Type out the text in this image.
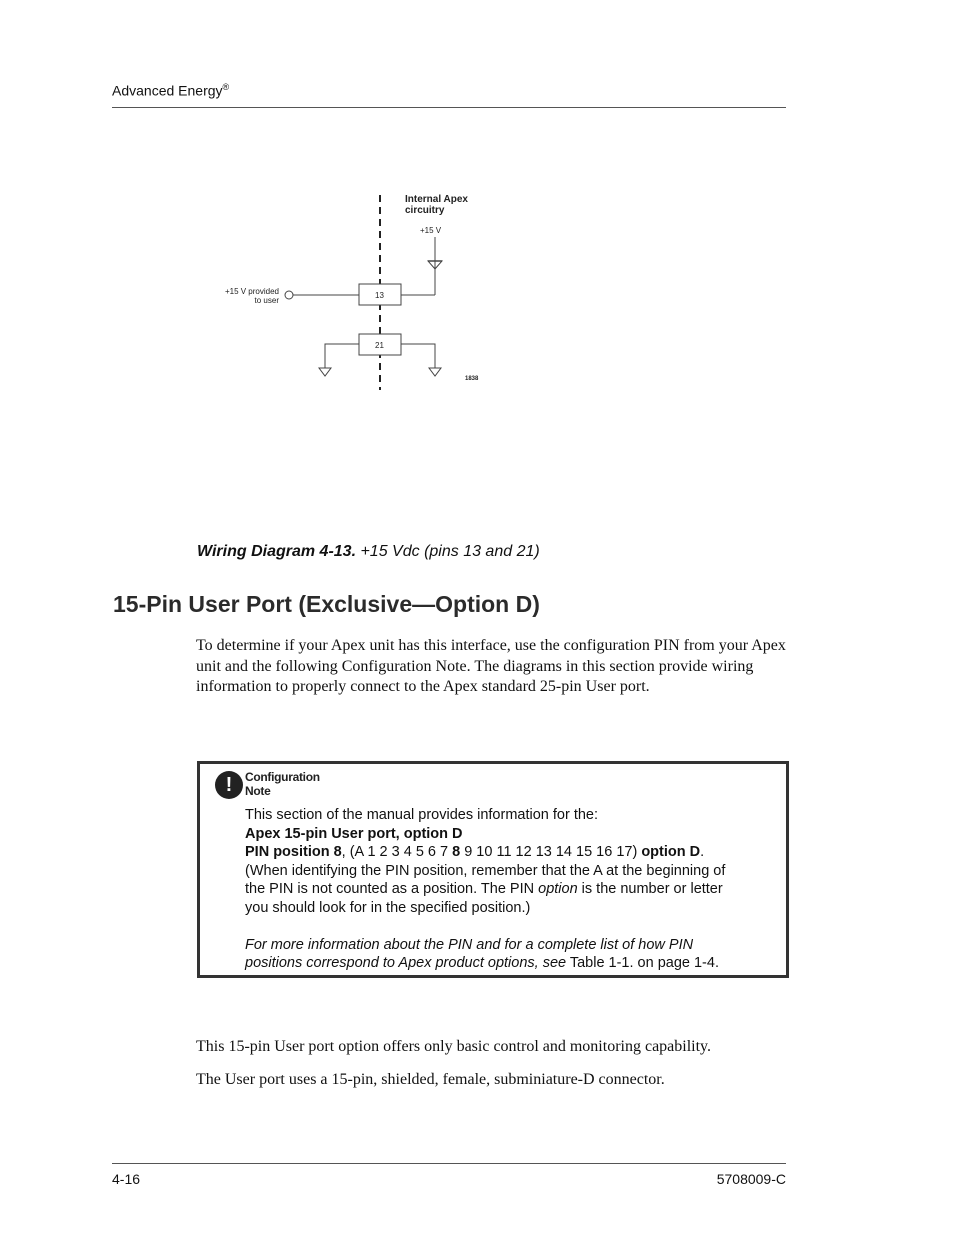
Advanced Energy®
Internal Apex
circuitry
+15 V
13
+15 V provided
to user
21
1838
Wiring Diagram 4-13. +15 Vdc (pins 13 and 21)
15-Pin User Port (Exclusive—Option D)

To determine if your Apex unit has this interface, use the configuration PIN from your Apex unit and the following Configuration Note. The diagrams in this section provide wiring information to properly connect to the Apex standard 25-pin User port.

!	Configuration
Note
This section of the manual provides information for the:
Apex 15-pin User port, option D
PIN position 8, (A 1 2 3 4 5 6 7 8 9 10 11 12 13 14 15 16 17) option D.
(When identifying the PIN position, remember that the A at the beginning of
the PIN is not counted as a position. The PIN option is the number or letter
you should look for in the specified position.)
For more information about the PIN and for a complete list of how PIN
positions correspond to Apex product options, see Table 1-1. on page 1-4.

This 15-pin User port option offers only basic control and monitoring capability.

The User port uses a 15-pin, shielded, female, subminiature-D connector.

4-16	5708009-C
